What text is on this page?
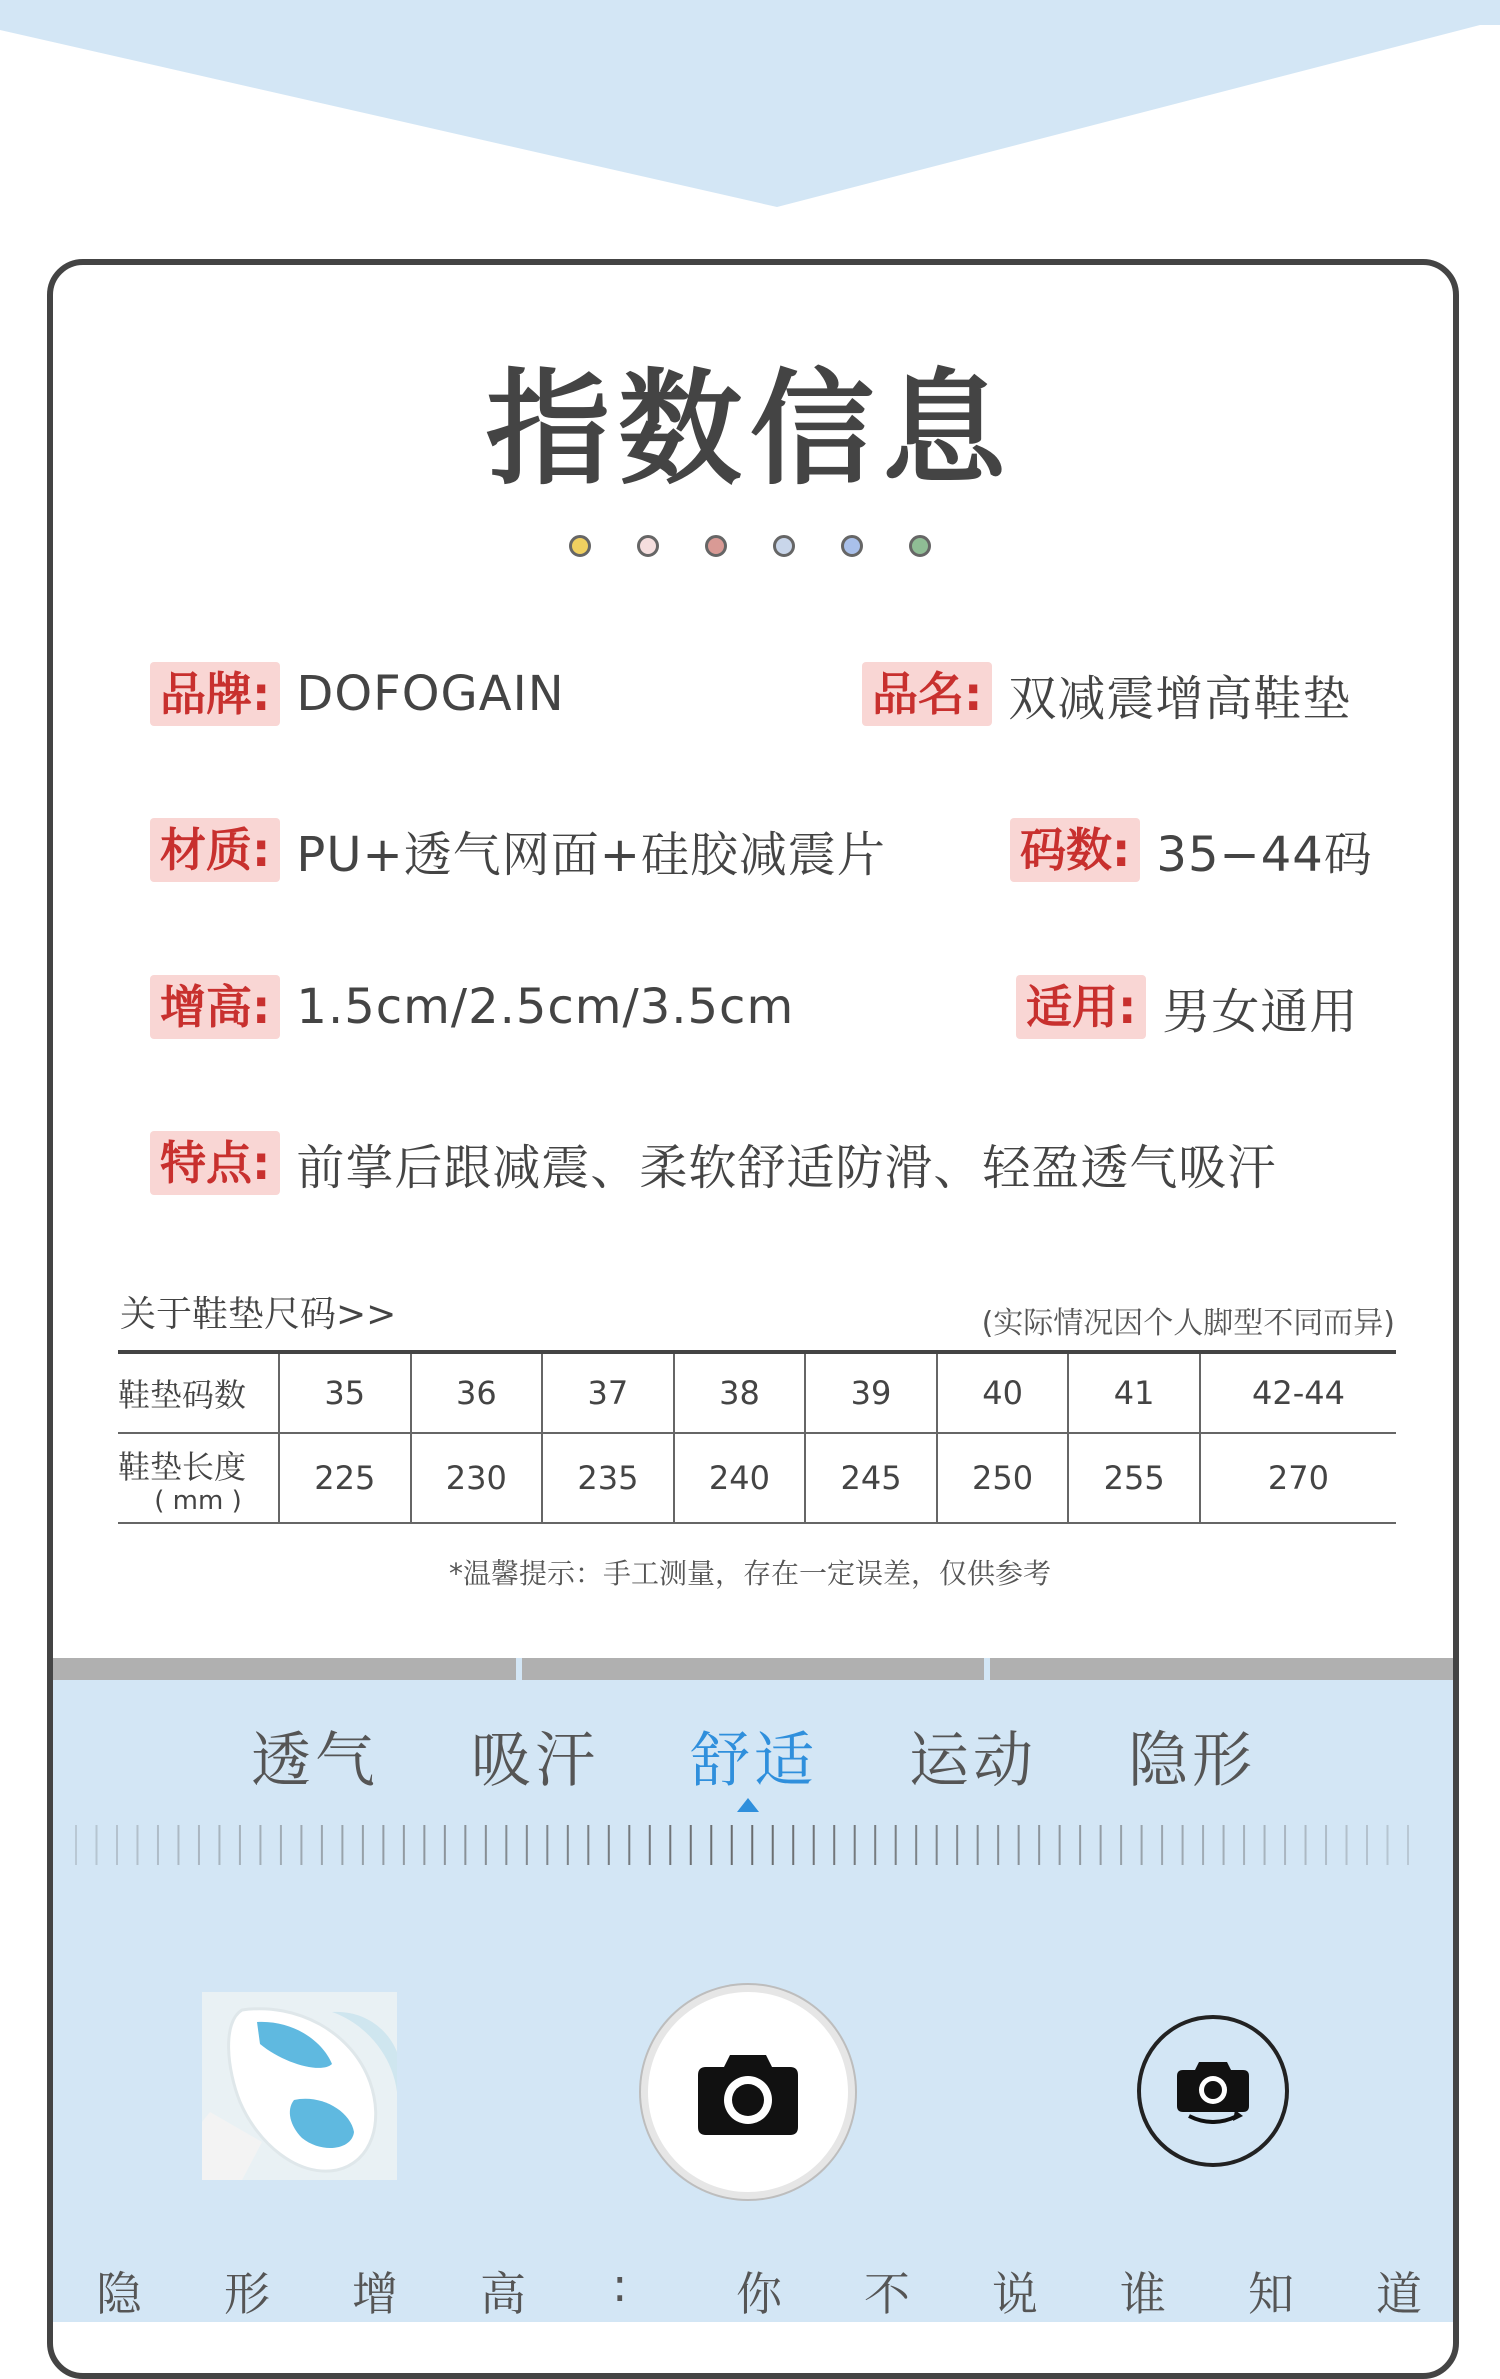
指数信息
品牌: DOFOGAIN	品名: 双减震增高鞋垫
材质: PU+透气网面+硅胶减震片	码数: 35−44码
增高: 1.5cm/2.5cm/3.5cm	适用: 男女通用
特点: 前掌后跟减震、柔软舒适防滑、轻盈透气吸汗
关于鞋垫尺码>>	(实际情况因个人脚型不同而异)
鞋垫码数	35	36	37	38	39	40	41	42-44
鞋垫长度
( mm )	225	230	235	240	245	250	255	270
*温馨提示：手工测量，存在一定误差，仅供参考
透气 吸汗 舒适 运动 隐形
隐 形 增 高 : 你 不 说 谁 知 道
